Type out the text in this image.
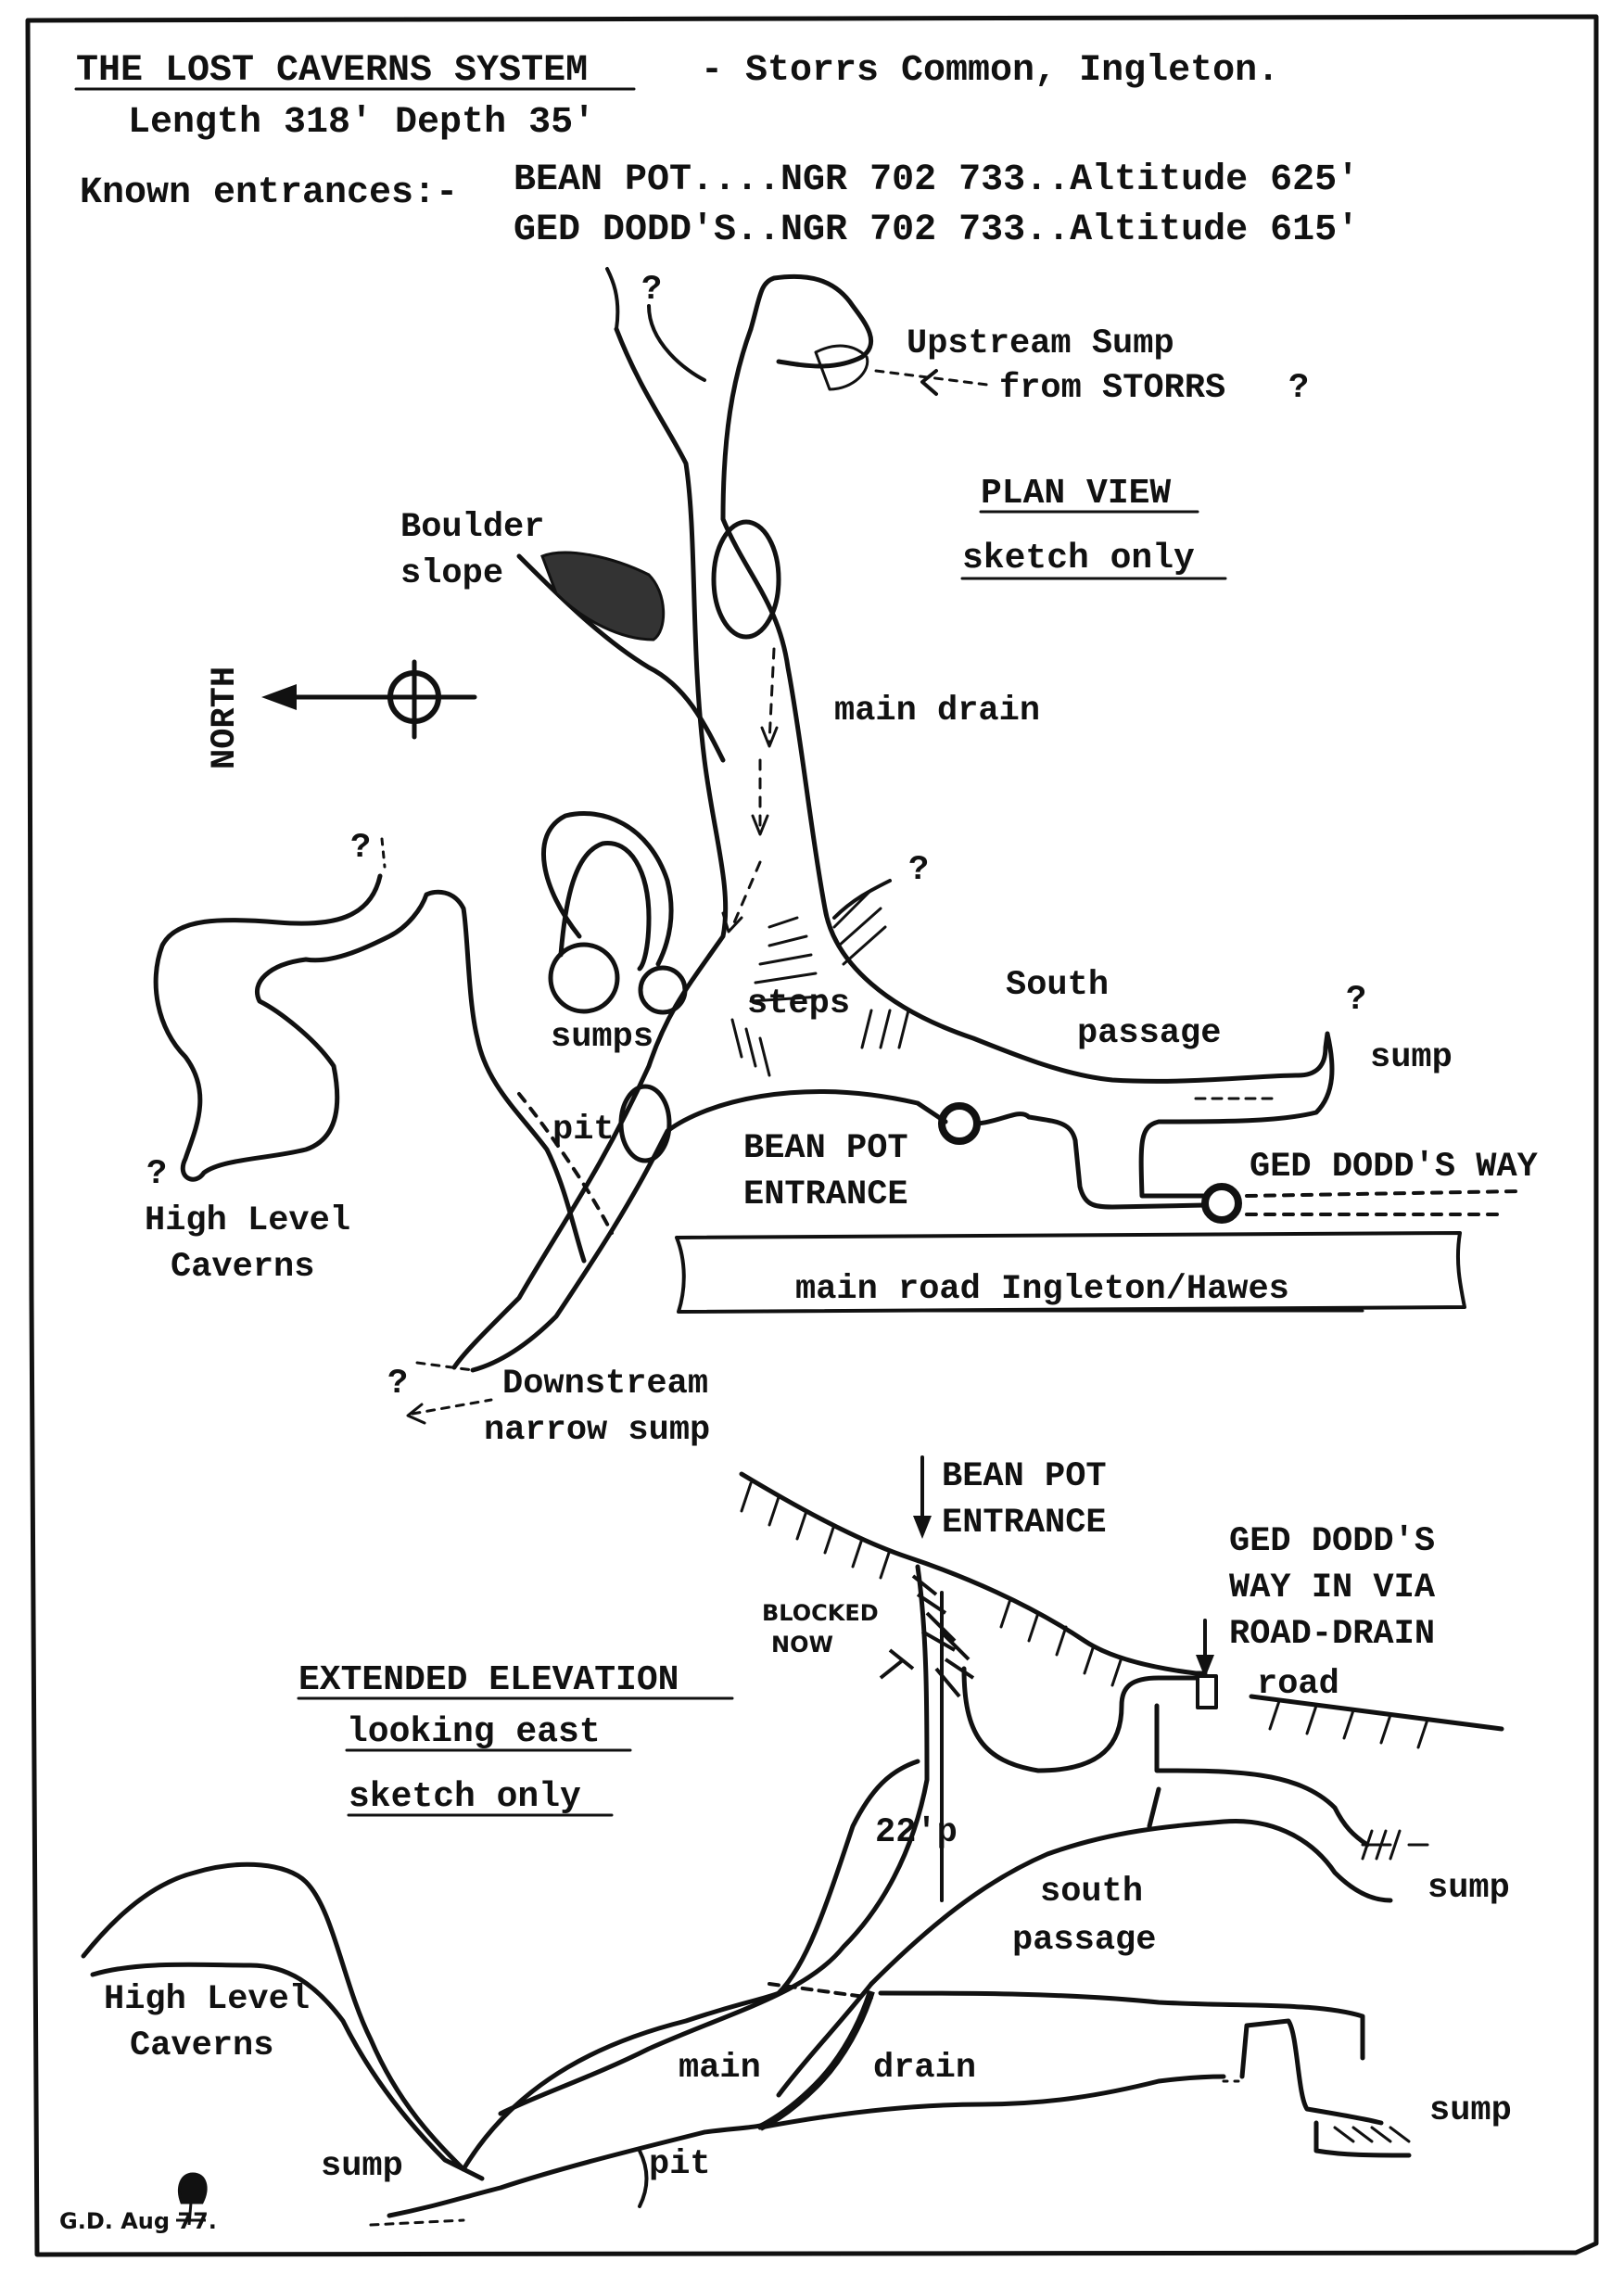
THE LOST CAVERNS SYSTEM	- Storrs Common, Ingleton.
Length 318' Depth 35'
Known entrances:- BEAN POT....NGR 702 733..Altitude 625'
GED DODD'S..NGR 702 733..Altitude 615'
NORTH
Upstream Sump
from STORRS ?
?
PLAN VIEW
sketch only
Boulder
slope
main drain
?
?
South
passage
?
sump
sumps
steps
pit	BEAN POT
ENTRANCE
GED DODD'S WAY
?
High Level
Caverns
main road Ingleton/Hawes
?	Downstream
narrow sump
BEAN POT
ENTRANCE	GED DODD'S
WAY IN VIA
ROAD-DRAIN
road
BLOCKED
NOW
EXTENDED ELEVATION
looking east
sketch only
22'p
south
passage
sump
High Level
Caverns
main	drain
sump
sump	pit
G.D. Aug 77.
